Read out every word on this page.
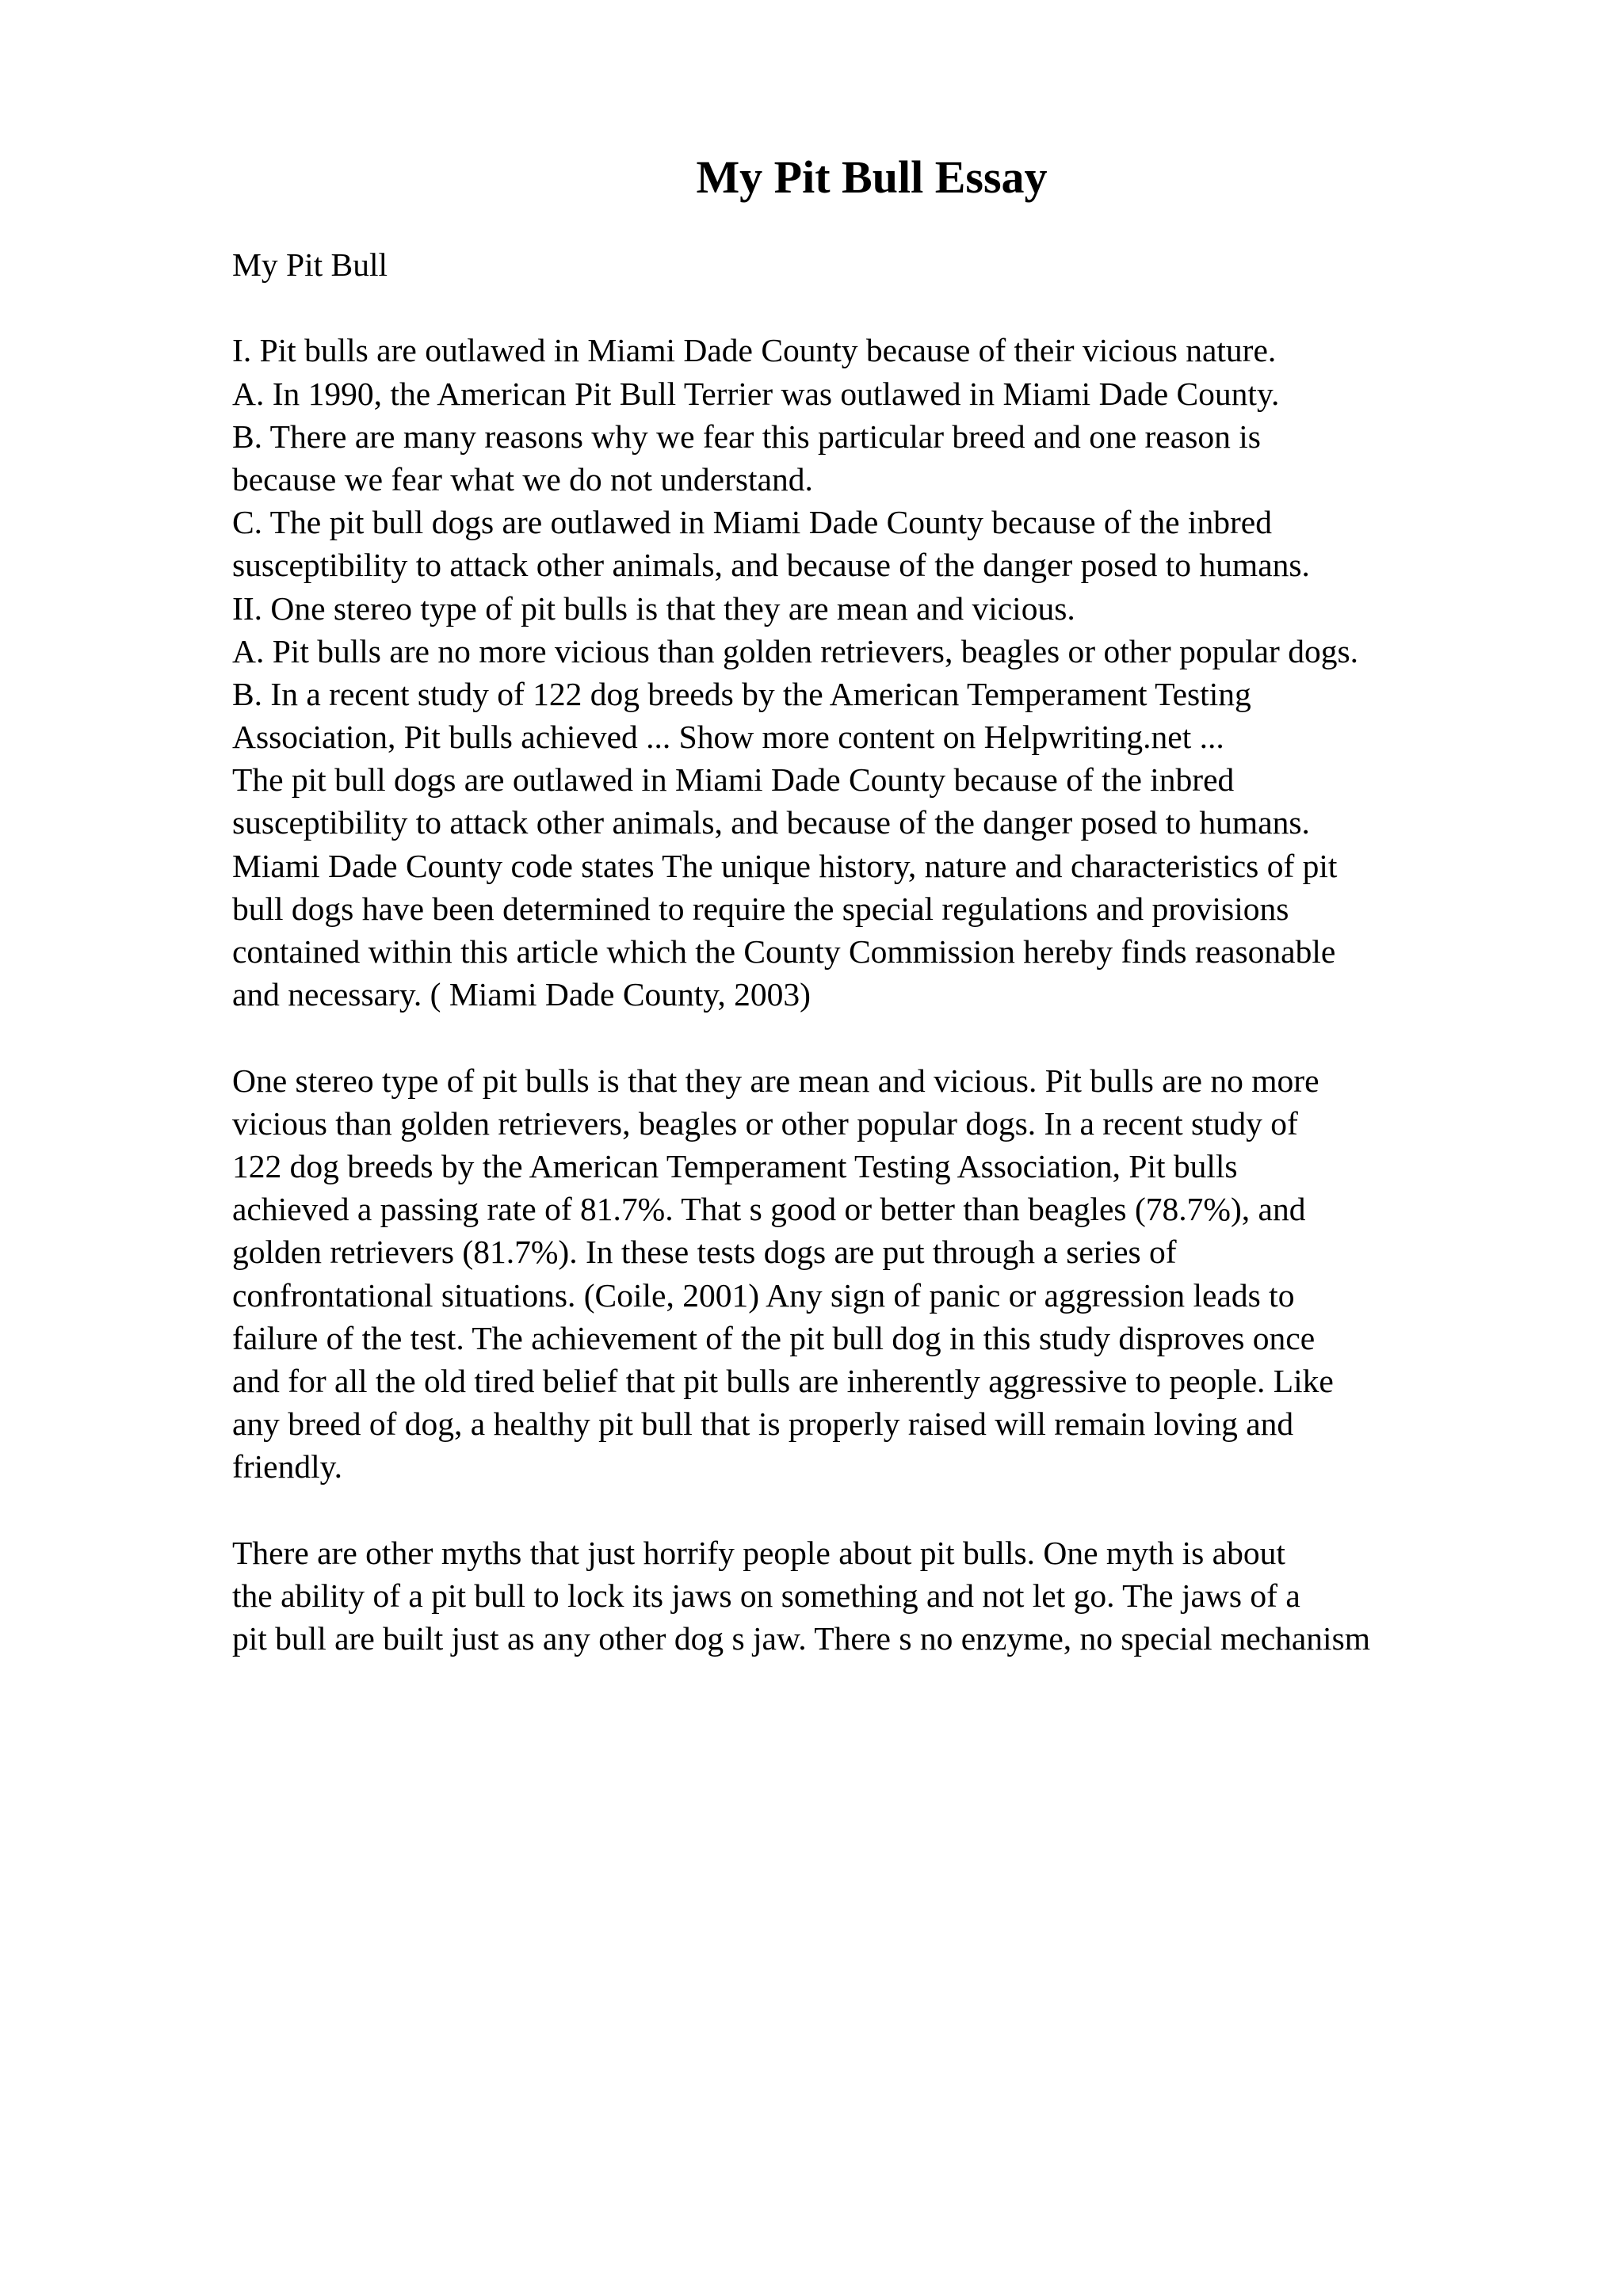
My Pit Bull Essay
My Pit Bull
I. Pit bulls are outlawed in Miami Dade County because of their vicious nature.
A. In 1990, the American Pit Bull Terrier was outlawed in Miami Dade County.
B. There are many reasons why we fear this particular breed and one reason is
because we fear what we do not understand.
C. The pit bull dogs are outlawed in Miami Dade County because of the inbred
susceptibility to attack other animals, and because of the danger posed to humans.
II. One stereo type of pit bulls is that they are mean and vicious.
A. Pit bulls are no more vicious than golden retrievers, beagles or other popular dogs.
B. In a recent study of 122 dog breeds by the American Temperament Testing
Association, Pit bulls achieved ... Show more content on Helpwriting.net ...
The pit bull dogs are outlawed in Miami Dade County because of the inbred
susceptibility to attack other animals, and because of the danger posed to humans.
Miami Dade County code states The unique history, nature and characteristics of pit
bull dogs have been determined to require the special regulations and provisions
contained within this article which the County Commission hereby finds reasonable
and necessary. ( Miami Dade County, 2003)
One stereo type of pit bulls is that they are mean and vicious. Pit bulls are no more
vicious than golden retrievers, beagles or other popular dogs. In a recent study of
122 dog breeds by the American Temperament Testing Association, Pit bulls
achieved a passing rate of 81.7%. That s good or better than beagles (78.7%), and
golden retrievers (81.7%). In these tests dogs are put through a series of
confrontational situations. (Coile, 2001) Any sign of panic or aggression leads to
failure of the test. The achievement of the pit bull dog in this study disproves once
and for all the old tired belief that pit bulls are inherently aggressive to people. Like
any breed of dog, a healthy pit bull that is properly raised will remain loving and
friendly.
There are other myths that just horrify people about pit bulls. One myth is about
the ability of a pit bull to lock its jaws on something and not let go. The jaws of a
pit bull are built just as any other dog s jaw. There s no enzyme, no special mechanism
